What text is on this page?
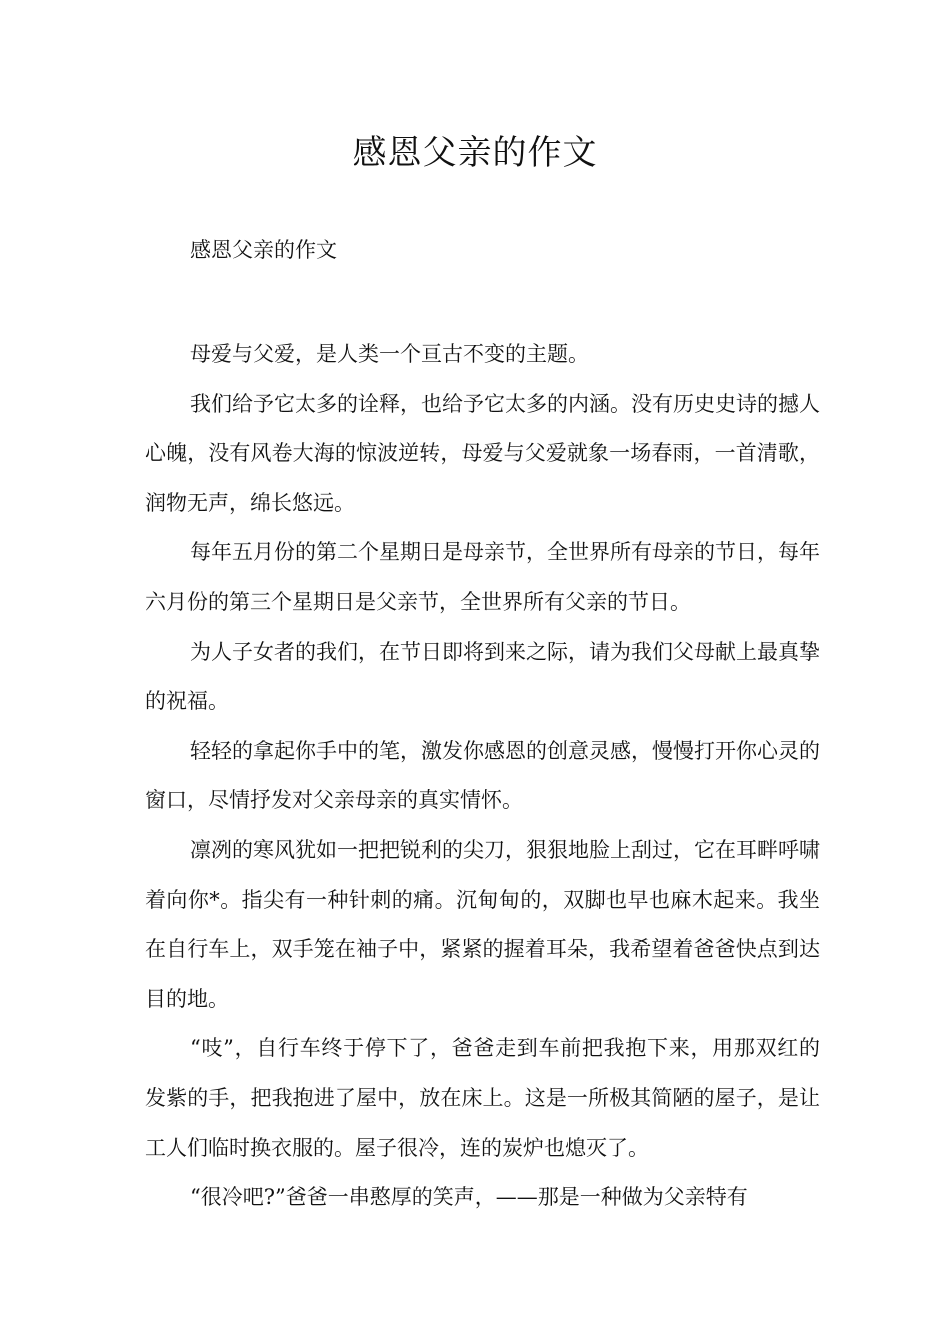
感恩父亲的作文
感恩父亲的作文

母爱与父爱，是人类一个亘古不变的主题。

我们给予它太多的诠释，也给予它太多的内涵。没有历史史诗的撼人心魄，没有风卷大海的惊波逆转，母爱与父爱就象一场春雨，一首清歌，润物无声，绵长悠远。

每年五月份的第二个星期日是母亲节，全世界所有母亲的节日，每年六月份的第三个星期日是父亲节，全世界所有父亲的节日。

为人子女者的我们，在节日即将到来之际，请为我们父母献上最真挚的祝福。

轻轻的拿起你手中的笔，激发你感恩的创意灵感，慢慢打开你心灵的窗口，尽情抒发对父亲母亲的真实情怀。

凛冽的寒风犹如一把把锐利的尖刀，狠狠地脸上刮过，它在耳畔呼啸着向你*。指尖有一种针刺的痛。沉甸甸的，双脚也早也麻木起来。我坐在自行车上，双手笼在袖子中，紧紧的握着耳朵，我希望着爸爸快点到达目的地。

“吱”，自行车终于停下了，爸爸走到车前把我抱下来，用那双红的发紫的手，把我抱进了屋中，放在床上。这是一所极其简陋的屋子，是让工人们临时换衣服的。屋子很冷，连的炭炉也熄灭了。

“很冷吧?”爸爸一串憨厚的笑声，——那是一种做为父亲特有
